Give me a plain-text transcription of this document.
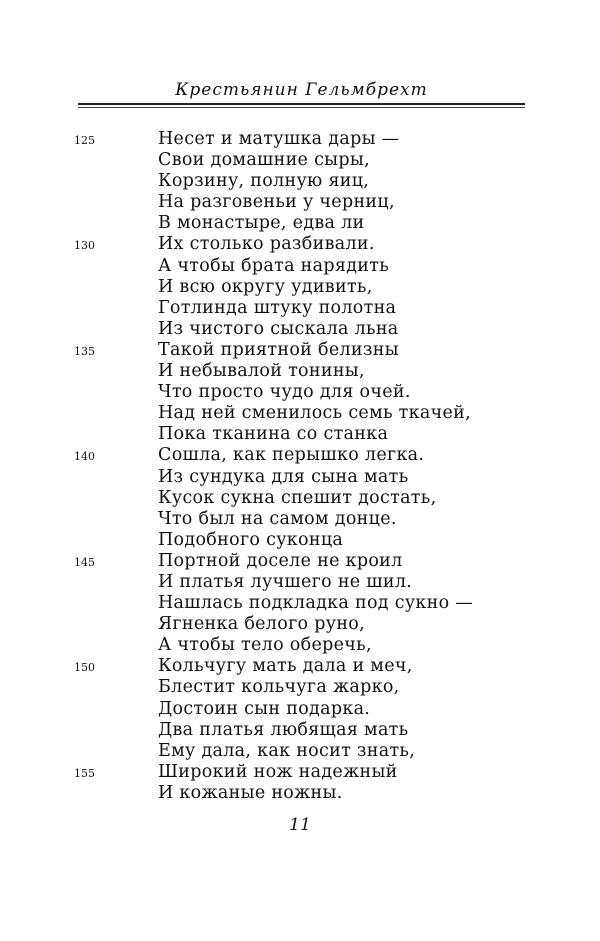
Крестьянин Гельмбрехт
125	Несет и матушка дары —
Свои домашние сыры,
Корзину, полную яиц,
На разговеньи у черниц,
В монастыре, едва ли
130	Их столько разбивали.
А чтобы брата нарядить
И всю округу удивить,
Готлинда штуку полотна
Из чистого сыскала льна
135	Такой приятной белизны
И небывалой тонины,
Что просто чудо для очей.
Над ней сменилось семь ткачей,
Пока тканина со станка
140	Сошла, как перышко легка.
Из сундука для сына мать
Кусок сукна спешит достать,
Что был на самом донце.
Подобного суконца
145	Портной доселе не кроил
И платья лучшего не шил.
Нашлась подкладка под сукно —
Ягненка белого руно,
А чтобы тело оберечь,
150	Кольчугу мать дала и меч,
Блестит кольчуга жарко,
Достоин сын подарка.
Два платья любящая мать
Ему дала, как носит знать,
155	Широкий нож надежный
И кожаные ножны.
11
